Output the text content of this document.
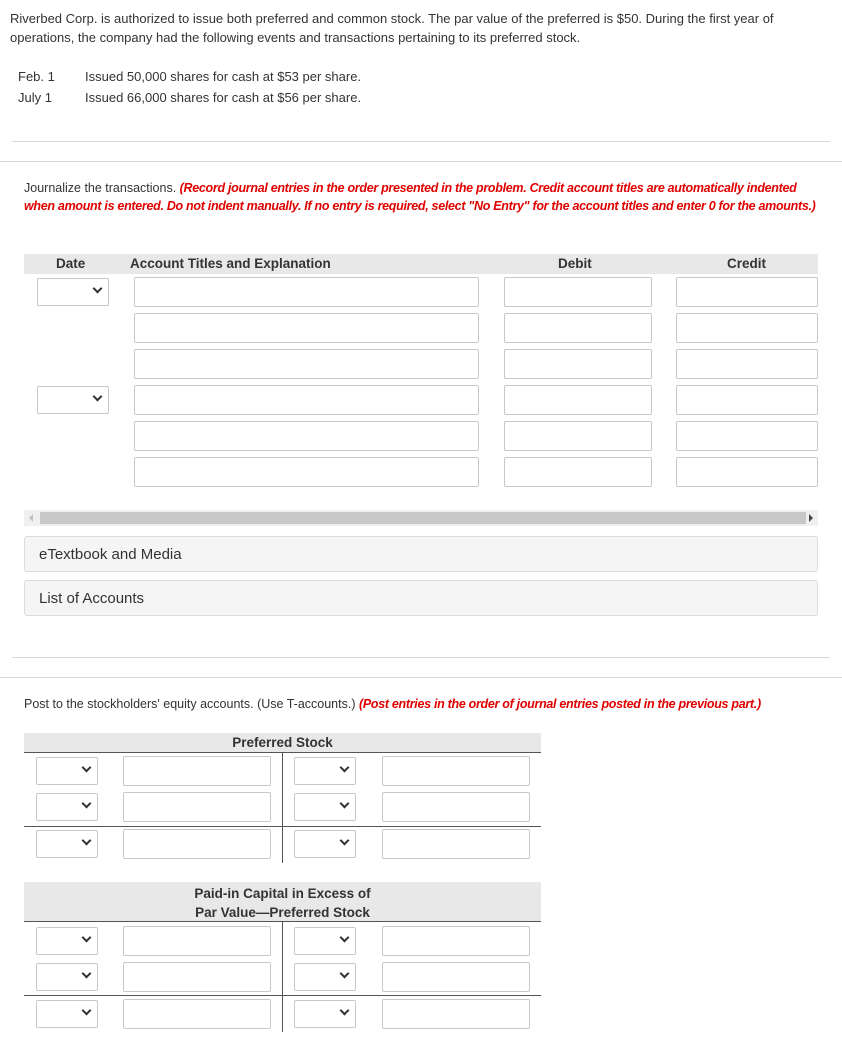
Riverbed Corp. is authorized to issue both preferred and common stock. The par value of the preferred is $50. During the first year of operations, the company had the following events and transactions pertaining to its preferred stock.
Feb. 1	Issued 50,000 shares for cash at $53 per share.
July 1	Issued 66,000 shares for cash at $56 per share.
Journalize the transactions. (Record journal entries in the order presented in the problem. Credit account titles are automatically indented when amount is entered. Do not indent manually. If no entry is required, select "No Entry" for the account titles and enter 0 for the amounts.)
Date	Account Titles and Explanation	Debit	Credit
eTextbook and Media
List of Accounts
Post to the stockholders' equity accounts. (Use T-accounts.) (Post entries in the order of journal entries posted in the previous part.)
Preferred Stock
Paid-in Capital in Excess of
Par Value—Preferred Stock
